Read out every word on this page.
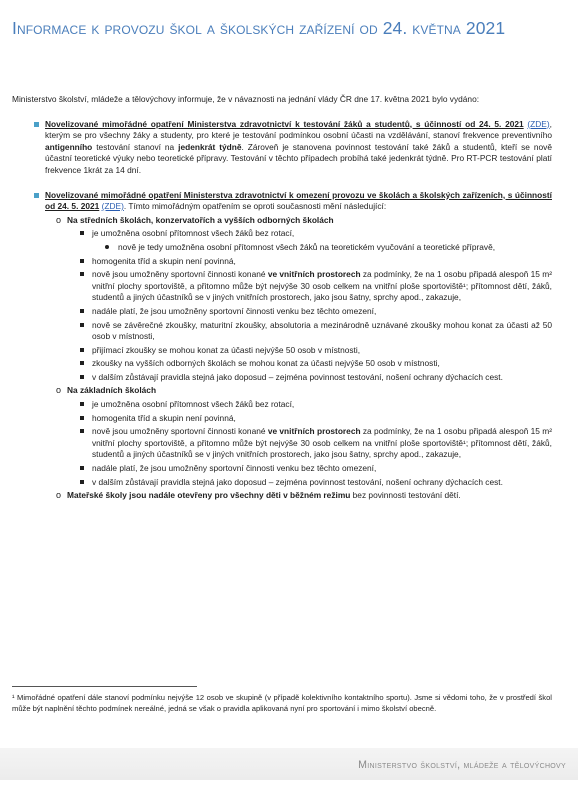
Informace k provozu škol a školských zařízení od 24. května 2021

Ministerstvo školství, mládeže a tělovýchovy informuje, že v návaznosti na jednání vlády ČR dne 17. května 2021 bylo vydáno:

Novelizované mimořádné opatření Ministerstva zdravotnictví k testování žáků a studentů, s účinností od 24. 5. 2021 (ZDE), kterým se pro všechny žáky a studenty, pro které je testování podmínkou osobní účasti na vzdělávání, stanoví frekvence preventivního antigenního testování stanoví na jedenkrát týdně. Zároveň je stanovena povinnost testování také žáků a studentů, kteří se nově účastní teoretické výuky nebo teoretické přípravy. Testování v těchto případech probíhá také jedenkrát týdně. Pro RT-PCR testování platí frekvence 1krát za 14 dní.
Novelizované mimořádné opatření Ministerstva zdravotnictví k omezení provozu ve školách a školských zařízeních, s účinností od 24. 5. 2021 (ZDE). Tímto mimořádným opatřením se oproti současnosti mění následující:
o Na středních školách, konzervatořích a vyšších odborných školách
je umožněna osobní přítomnost všech žáků bez rotací,
nově je tedy umožněna osobní přítomnost všech žáků na teoretickém vyučování a teoretické přípravě,
homogenita tříd a skupin není povinná,
nově jsou umožněny sportovní činnosti konané ve vnitřních prostorech za podmínky, že na 1 osobu připadá alespoň 15 m² vnitřní plochy sportoviště, a přitomno může být nejvýše 30 osob celkem na vnitřní ploše sportoviště¹; přítomnost dětí, žáků, studentů a jiných účastníků se v jiných vnitřních prostorech, jako jsou šatny, sprchy apod., zakazuje,
nadále platí, že jsou umožněny sportovní činnosti venku bez těchto omezení,
nově se závěrečné zkoušky, maturitní zkoušky, absolutoria a mezinárodně uznávané zkoušky mohou konat za účasti až 50 osob v místnosti,
přijímací zkoušky se mohou konat za účasti nejvýše 50 osob v místnosti,
zkoušky na vyšších odborných školách se mohou konat za účasti nejvýše 50 osob v místnosti,
v dalším zůstávají pravidla stejná jako doposud – zejména povinnost testování, nošení ochrany dýchacích cest.
o Na základních školách
je umožněna osobní přítomnost všech žáků bez rotací,
homogenita tříd a skupin není povinná,
nově jsou umožněny sportovní činnosti konané ve vnitřních prostorech za podmínky, že na 1 osobu připadá alespoň 15 m² vnitřní plochy sportoviště, a přitomno může být nejvýše 30 osob celkem na vnitřní ploše sportoviště¹; přítomnost dětí, žáků, studentů a jiných účastníků se v jiných vnitřních prostorech, jako jsou šatny, sprchy apod., zakazuje,
nadále platí, že jsou umožněny sportovní činnosti venku bez těchto omezení,
v dalším zůstávají pravidla stejná jako doposud – zejména povinnost testování, nošení ochrany dýchacích cest.
o Mateřské školy jsou nadále otevřeny pro všechny děti v běžném režimu bez povinnosti testování dětí.

¹ Mimořádné opatření dále stanoví podmínku nejvýše 12 osob ve skupině (v případě kolektivního kontaktního sportu). Jsme si vědomi toho, že v prostředí škol může být naplnění těchto podmínek nereálné, jedná se však o pravidla aplikovaná nyní pro sportování i mimo školství obecně.

Ministerstvo školství, mládeže a tělovýchovy
